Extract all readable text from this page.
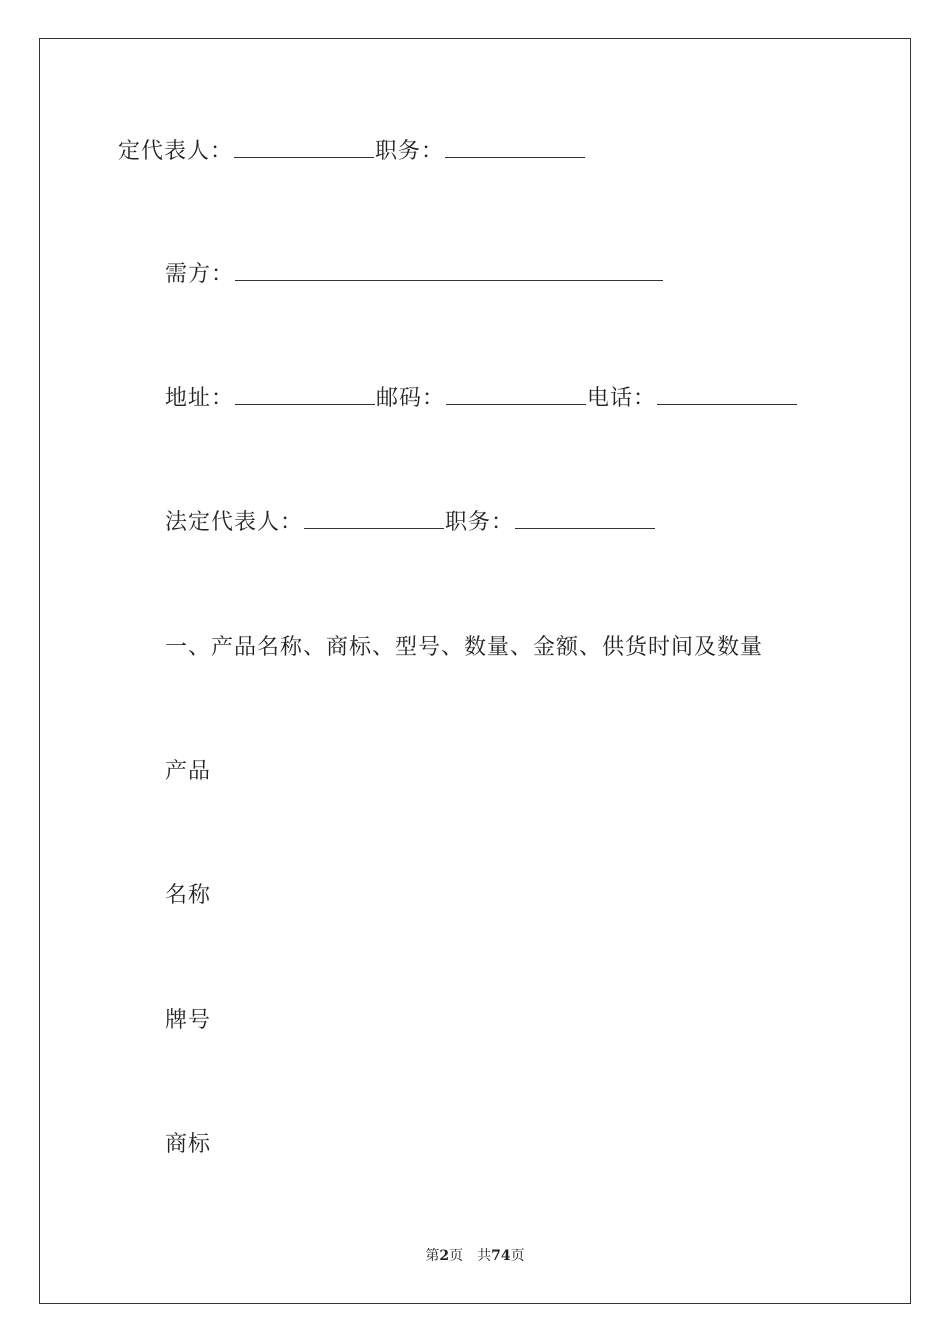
定代表人：	职务：
需方：
地址：	邮码：	电话：
法定代表人：	职务：
一、产品名称、商标、型号、数量、金额、供货时间及数量
产品
名称
牌号
商标
第2页 共74页
